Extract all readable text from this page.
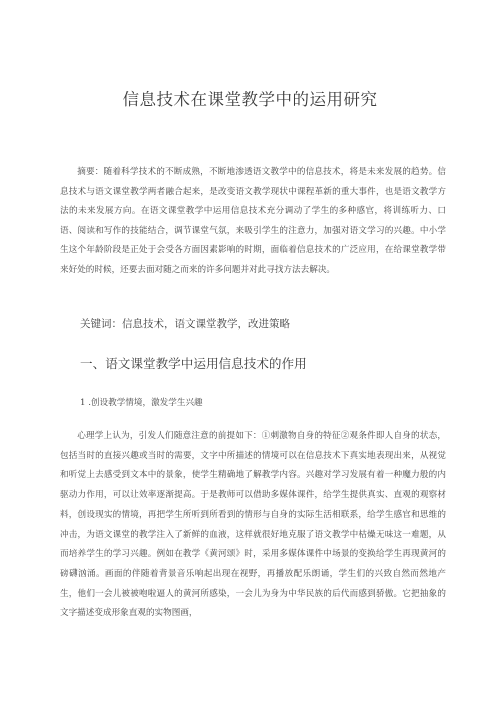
信息技术在课堂教学中的运用研究

摘要：随着科学技术的不断成熟，不断地渗透语文教学中的信息技术，将是未来发展的趋势。信息技术与语文课堂教学两者融合起来，是改变语文教学现状中课程革新的重大事件，也是语文教学方法的未来发展方向。在语文课堂教学中运用信息技术充分调动了学生的多种感官，将训练听力、口语、阅读和写作的技能结合，调节课堂气氛，来吸引学生的注意力，加强对语文学习的兴趣。中小学生这个年龄阶段是正处于会受各方面因素影响的时期，面临着信息技术的广泛应用，在给课堂教学带来好处的时候，还要去面对随之而来的许多问题并对此寻找方法去解决。

关键词：信息技术，语文课堂教学，改进策略
一、语文课堂教学中运用信息技术的作用
1 .创设教学情境，激发学生兴趣

心理学上认为，引发人们随意注意的前提如下：①刺激物自身的特征②观条件即人自身的状态，包括当时的直接兴趣或当时的需要，文字中所描述的情境可以在信息技术下真实地表现出来，从视觉和听觉上去感受到文本中的景象，使学生精确地了解教学内容。兴趣对学习发展有着一种魔力般的内驱动力作用，可以让效率逐渐提高。于是教师可以借助多媒体课件，给学生提供真实、直观的观察材料，创设现实的情境，再把学生所听到所看到的情形与自身的实际生活相联系，给学生感官和思维的冲击，为语文课堂的教学注入了新鲜的血液，这样就很好地克服了语文教学中枯燥无味这一难题，从而培养学生的学习兴趣。例如在教学《黄河颂》时，采用多媒体课件中场景的变换给学生再现黄河的磅礴汹涌。画面的伴随着背景音乐响起出现在视野，再播放配乐朗诵，学生们的兴致自然而然地产生，他们一会儿被被咆啦逼人的黄河所感染，一会儿为身为中华民族的后代而感到骄傲。它把抽象的文字描述变成形象直观的实物图画，
